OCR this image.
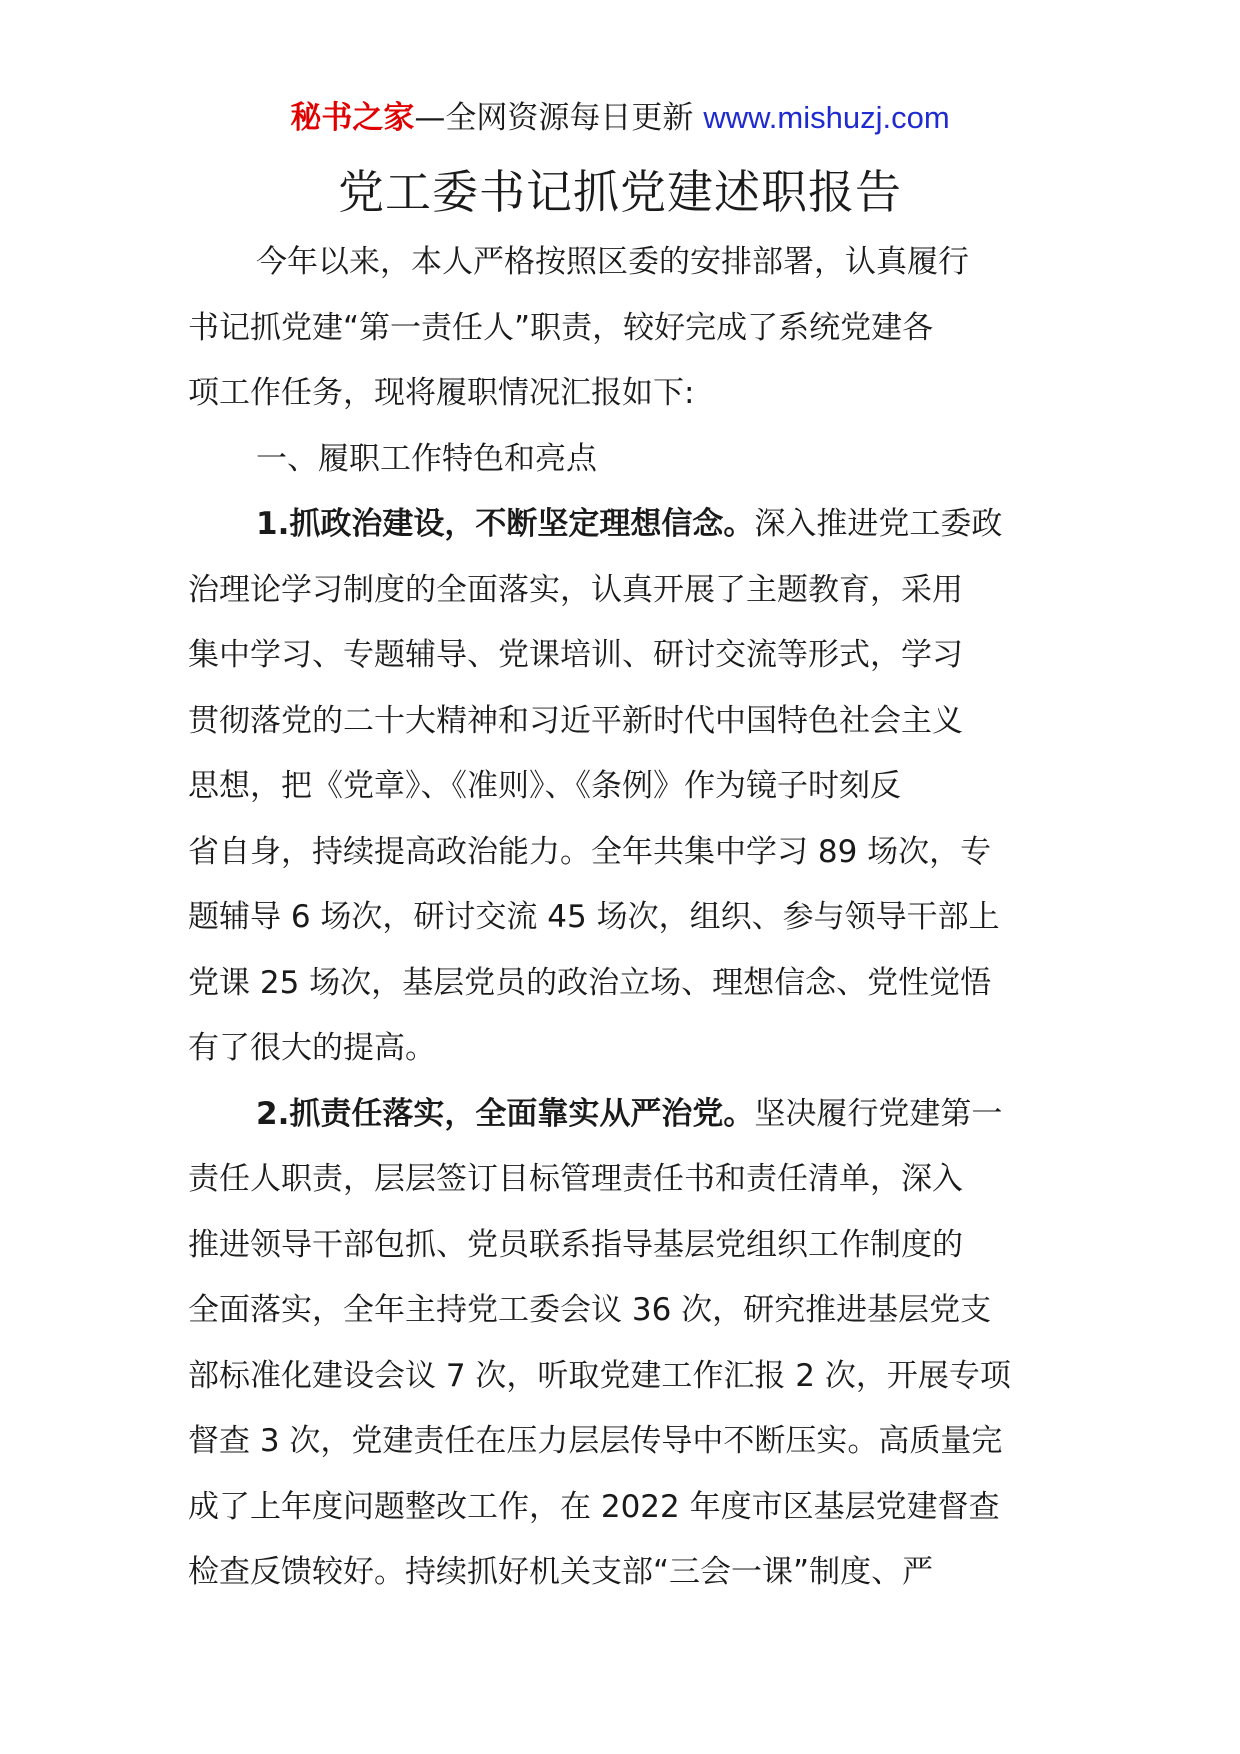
秘书之家—全网资源每日更新 www.mishuzj.com
党工委书记抓党建述职报告
今年以来，本人严格按照区委的安排部署，认真履行
书记抓党建“第一责任人”职责，较好完成了系统党建各
项工作任务，现将履职情况汇报如下:
一、履职工作特色和亮点
1.抓政治建设，不断坚定理想信念。深入推进党工委政
治理论学习制度的全面落实，认真开展了主题教育，采用
集中学习、专题辅导、党课培训、研讨交流等形式，学习
贯彻落党的二十大精神和习近平新时代中国特色社会主义
思想，把《党章》、《准则》、《条例》作为镜子时刻反
省自身，持续提高政治能力。全年共集中学习 89 场次，专
题辅导 6 场次，研讨交流 45 场次，组织、参与领导干部上
党课 25 场次，基层党员的政治立场、理想信念、党性觉悟
有了很大的提高。
2.抓责任落实，全面靠实从严治党。坚决履行党建第一
责任人职责，层层签订目标管理责任书和责任清单，深入
推进领导干部包抓、党员联系指导基层党组织工作制度的
全面落实，全年主持党工委会议 36 次，研究推进基层党支
部标准化建设会议 7 次，听取党建工作汇报 2 次，开展专项
督查 3 次，党建责任在压力层层传导中不断压实。高质量完
成了上年度问题整改工作，在 2022 年度市区基层党建督查
检查反馈较好。持续抓好机关支部“三会一课”制度、严
